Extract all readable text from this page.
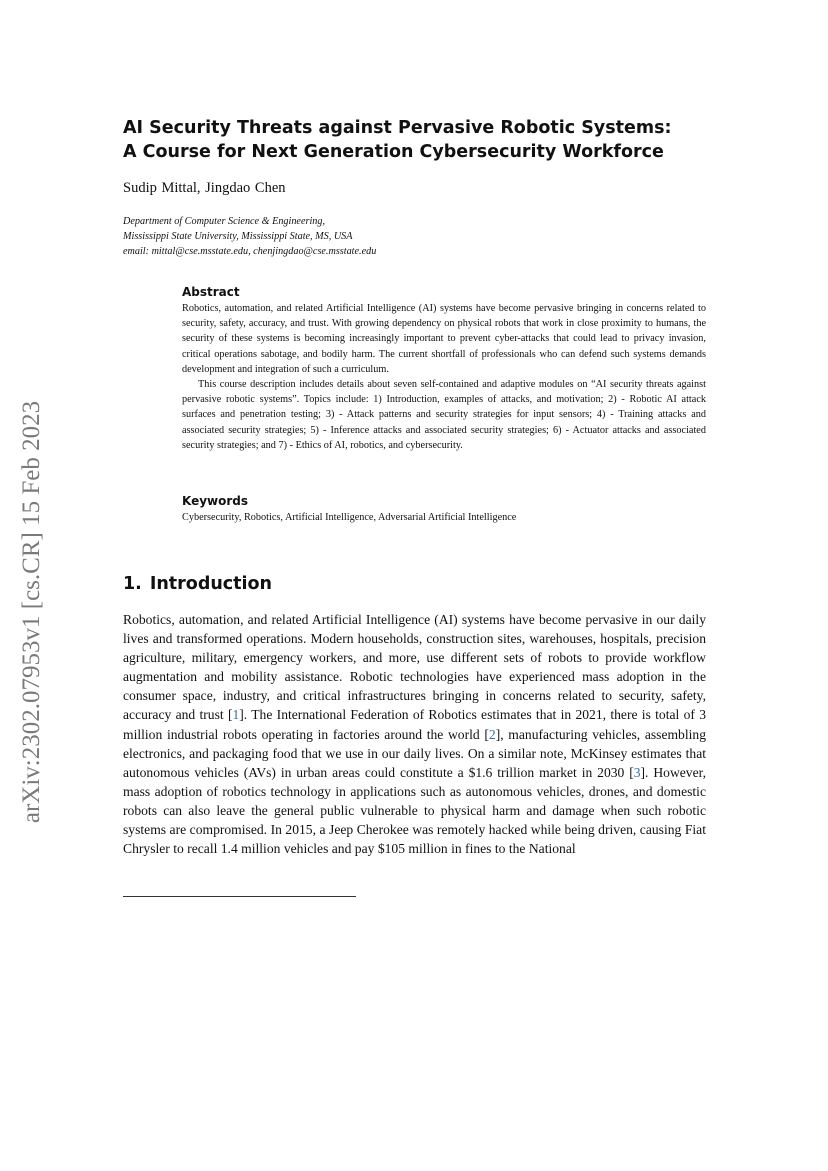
arXiv:2302.07953v1 [cs.CR] 15 Feb 2023
AI Security Threats against Pervasive Robotic Systems:
A Course for Next Generation Cybersecurity Workforce
Sudip Mittal, Jingdao Chen
Department of Computer Science & Engineering,
Mississippi State University, Mississippi State, MS, USA
email: mittal@cse.msstate.edu, chenjingdao@cse.msstate.edu
Abstract

Robotics, automation, and related Artificial Intelligence (AI) systems have become pervasive bringing in concerns related to security, safety, accuracy, and trust. With growing dependency on physical robots that work in close proximity to humans, the security of these systems is becoming increasingly important to prevent cyber-attacks that could lead to privacy invasion, critical operations sabotage, and bodily harm. The current shortfall of professionals who can defend such systems demands development and integration of such a curriculum.

This course description includes details about seven self-contained and adaptive modules on “AI security threats against pervasive robotic systems”. Topics include: 1) Introduction, examples of attacks, and motivation; 2) - Robotic AI attack surfaces and penetration testing; 3) - Attack patterns and security strategies for input sensors; 4) - Training attacks and associated security strategies; 5) - Inference attacks and associated security strategies; 6) - Actuator attacks and associated security strategies; and 7) - Ethics of AI, robotics, and cybersecurity.

Keywords

Cybersecurity, Robotics, Artificial Intelligence, Adversarial Artificial Intelligence

1. Introduction

Robotics, automation, and related Artificial Intelligence (AI) systems have become pervasive in our daily lives and transformed operations. Modern households, construction sites, warehouses, hospitals, precision agriculture, military, emergency workers, and more, use different sets of robots to provide workflow augmentation and mobility assistance. Robotic technologies have experienced mass adoption in the consumer space, industry, and critical infrastructures bringing in concerns related to security, safety, accuracy and trust [1]. The International Federation of Robotics estimates that in 2021, there is total of 3 million industrial robots operating in factories around the world [2], manufacturing vehicles, assembling electronics, and packaging food that we use in our daily lives. On a similar note, McKinsey estimates that autonomous vehicles (AVs) in urban areas could constitute a $1.6 trillion market in 2030 [3]. However, mass adoption of robotics technology in applications such as autonomous vehicles, drones, and domestic robots can also leave the general public vulnerable to physical harm and damage when such robotic systems are compromised. In 2015, a Jeep Cherokee was remotely hacked while being driven, causing Fiat Chrysler to recall 1.4 million vehicles and pay $105 million in fines to the National
